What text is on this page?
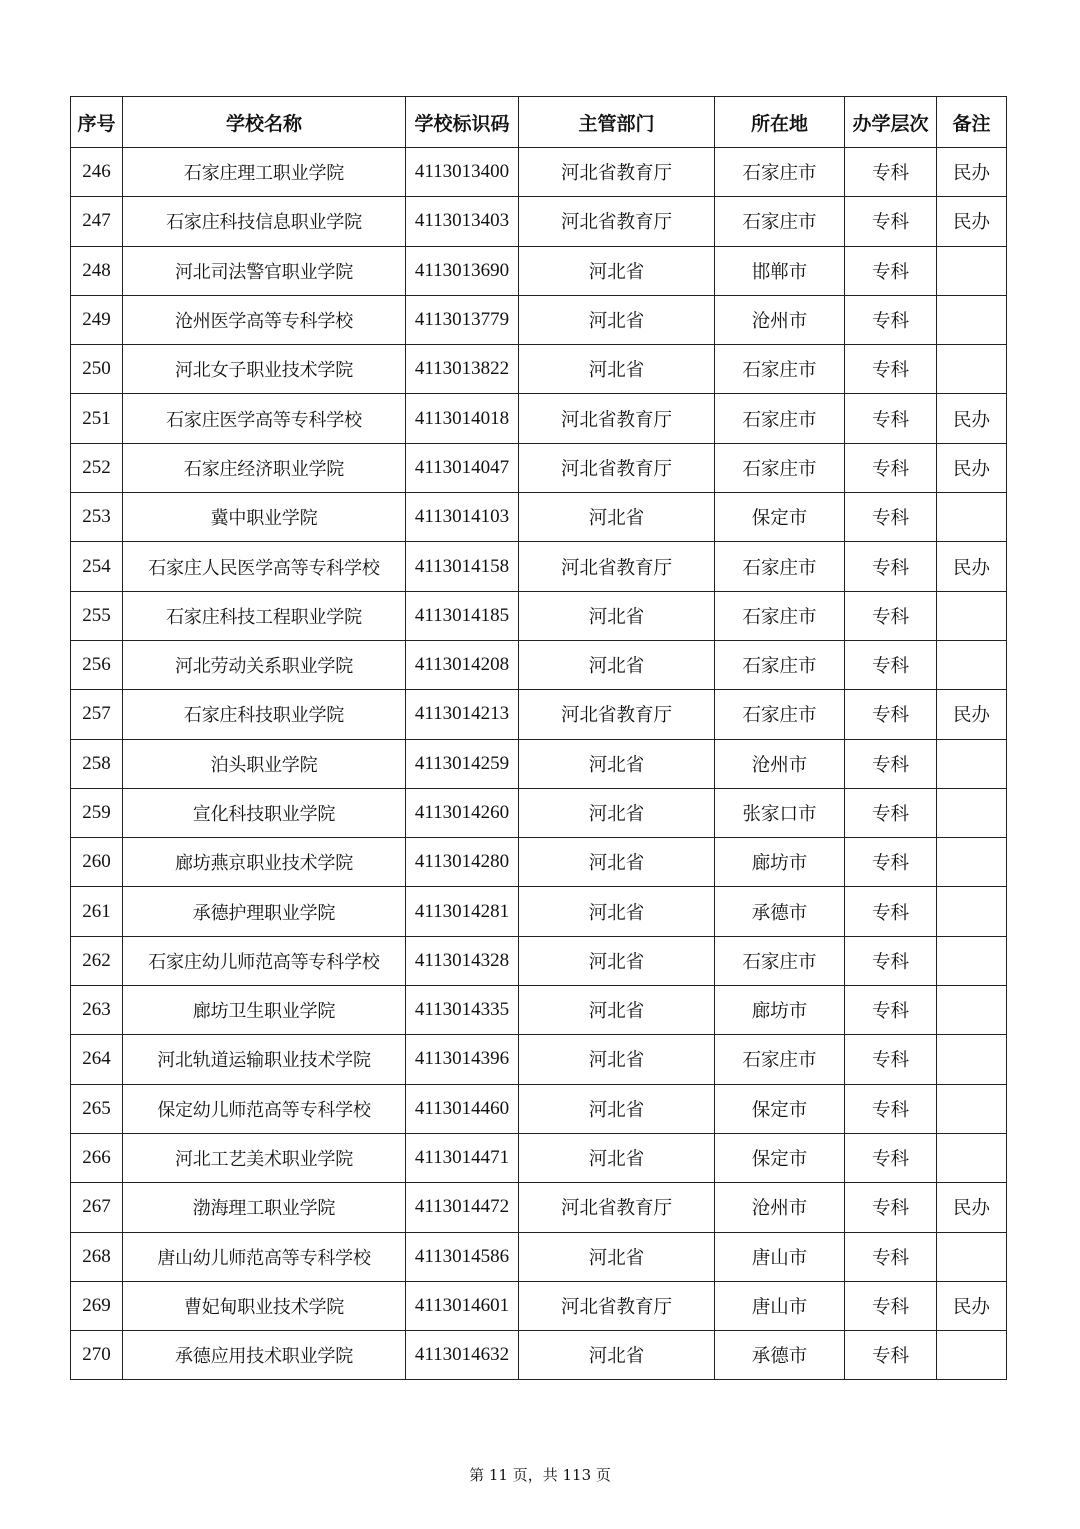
序号	学校名称	学校标识码	主管部门	所在地	办学层次	备注
246	石家庄理工职业学院	4113013400	河北省教育厅	石家庄市	专科	民办
247	石家庄科技信息职业学院	4113013403	河北省教育厅	石家庄市	专科	民办
248	河北司法警官职业学院	4113013690	河北省	邯郸市	专科	
249	沧州医学高等专科学校	4113013779	河北省	沧州市	专科	
250	河北女子职业技术学院	4113013822	河北省	石家庄市	专科	
251	石家庄医学高等专科学校	4113014018	河北省教育厅	石家庄市	专科	民办
252	石家庄经济职业学院	4113014047	河北省教育厅	石家庄市	专科	民办
253	冀中职业学院	4113014103	河北省	保定市	专科	
254	石家庄人民医学高等专科学校	4113014158	河北省教育厅	石家庄市	专科	民办
255	石家庄科技工程职业学院	4113014185	河北省	石家庄市	专科	
256	河北劳动关系职业学院	4113014208	河北省	石家庄市	专科	
257	石家庄科技职业学院	4113014213	河北省教育厅	石家庄市	专科	民办
258	泊头职业学院	4113014259	河北省	沧州市	专科	
259	宣化科技职业学院	4113014260	河北省	张家口市	专科	
260	廊坊燕京职业技术学院	4113014280	河北省	廊坊市	专科	
261	承德护理职业学院	4113014281	河北省	承德市	专科	
262	石家庄幼儿师范高等专科学校	4113014328	河北省	石家庄市	专科	
263	廊坊卫生职业学院	4113014335	河北省	廊坊市	专科	
264	河北轨道运输职业技术学院	4113014396	河北省	石家庄市	专科	
265	保定幼儿师范高等专科学校	4113014460	河北省	保定市	专科	
266	河北工艺美术职业学院	4113014471	河北省	保定市	专科	
267	渤海理工职业学院	4113014472	河北省教育厅	沧州市	专科	民办
268	唐山幼儿师范高等专科学校	4113014586	河北省	唐山市	专科	
269	曹妃甸职业技术学院	4113014601	河北省教育厅	唐山市	专科	民办
270	承德应用技术职业学院	4113014632	河北省	承德市	专科	
第 11 页，共 113 页
